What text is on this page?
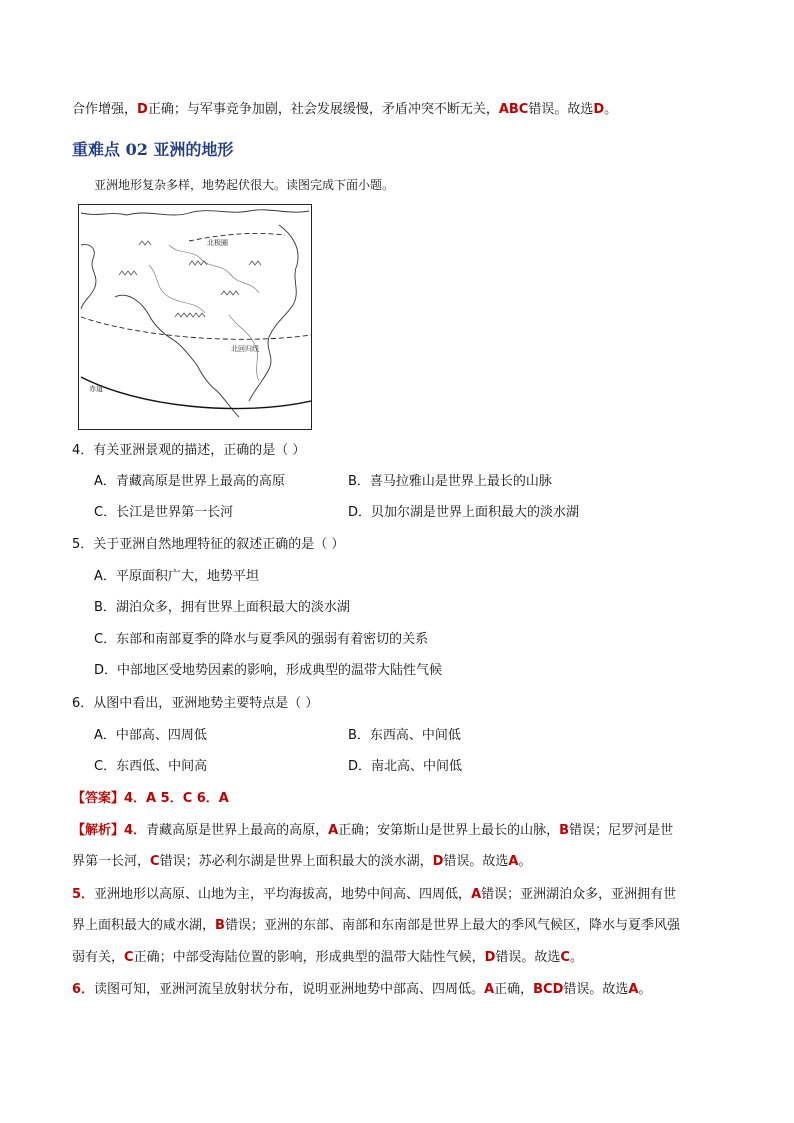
合作增强，D正确；与军事竞争加剧，社会发展缓慢，矛盾冲突不断无关，ABC错误。故选D。
重难点 02 亚洲的地形
亚洲地形复杂多样，地势起伏很大。读图完成下面小题。
北极圈
北回归线
赤道
4．有关亚洲景观的描述，正确的是（ ）
A．青藏高原是世界上最高的高原	B．喜马拉雅山是世界上最长的山脉
C．长江是世界第一长河	D．贝加尔湖是世界上面积最大的淡水湖
5．关于亚洲自然地理特征的叙述正确的是（ ）
A．平原面积广大，地势平坦
B．湖泊众多，拥有世界上面积最大的淡水湖
C．东部和南部夏季的降水与夏季风的强弱有着密切的关系
D．中部地区受地势因素的影响，形成典型的温带大陆性气候
6．从图中看出，亚洲地势主要特点是（ ）
A．中部高、四周低	B．东西高、中间低
C．东西低、中间高	D．南北高、中间低
【答案】4．A 5．C 6．A
【解析】4．青藏高原是世界上最高的高原，A正确；安第斯山是世界上最长的山脉，B错误；尼罗河是世
界第一长河，C错误；苏必利尔湖是世界上面积最大的淡水湖，D错误。故选A。
5．亚洲地形以高原、山地为主，平均海拔高，地势中间高、四周低，A错误；亚洲湖泊众多，亚洲拥有世
界上面积最大的咸水湖，B错误；亚洲的东部、南部和东南部是世界上最大的季风气候区，降水与夏季风强
弱有关，C正确；中部受海陆位置的影响，形成典型的温带大陆性气候，D错误。故选C。
6．读图可知，亚洲河流呈放射状分布，说明亚洲地势中部高、四周低。A正确，BCD错误。故选A。
